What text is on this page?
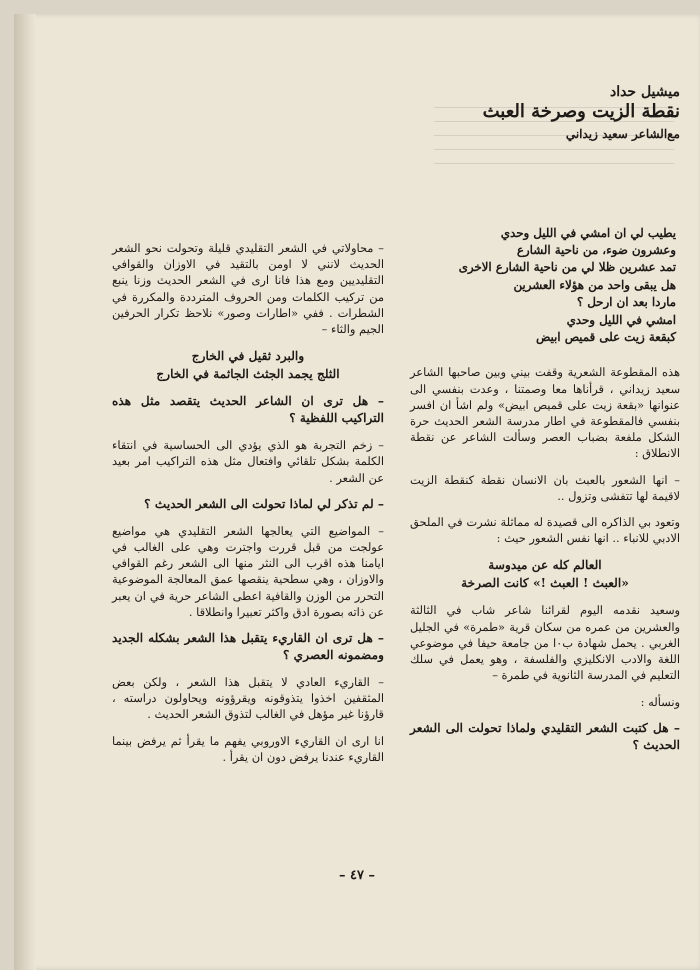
ميشيل حداد
نقطة الزيت وصرخة العبث
مع‌الشاعر سعيد زيداني
يطيب لي ان امشي في الليل وحدي
وعشرون ضوء، من ناحية الشارع
تمد عشرين ظلا لي من ناحية الشارع الاخرى
هل يبقى واحد من هؤلاء العشرين
ماردا بعد ان ارحل ؟
امشي في الليل وحدي
كبقعة زيت على قميص ابيض

هذه المقطوعة الشعرية وقفت بيني وبين صاحبها الشاعر سعيد زيداني ، قرأناها معا وصمتنا ، وعدت بنفسي الى عنوانها «بقعة زيت على قميص ابيض» ولم اشأ ان افسر بنفسي فالمقطوعة في اطار مدرسة الشعر الحديث حرة الشكل ملفعة بضباب العصر وسألت الشاعر عن نقطة الانطلاق :

– انها الشعور بالعبث بان الانسان نقطة كنقطة الزيت لاقيمة لها تتفشى وتزول ..

وتعود بي الذاكره الى قصيدة له مماثلة نشرت في الملحق الادبي للانباء .. انها نفس الشعور حيث :

العالم كله عن ميدوسة
«العبث ! العبث !» كانت الصرخة

وسعيد نقدمه اليوم لقرائنا شاعر شاب في الثالثة والعشرين من عمره من سكان قرية «طمرة» في الجليل الغربي . يحمل شهادة ب٠ا من جامعة حيفا في موضوعي اللغة والادب الانكليزي والفلسفة ، وهو يعمل في سلك التعليم في المدرسة الثانوية في طمرة –

ونسأله :

– هل كتبت الشعر التقليدي ولماذا تحولت الى الشعر الحديث ؟

– محاولاتي في الشعر التقليدي قليلة وتحولت نحو الشعر الحديث لانني لا اومن بالتقيد في الاوزان والقوافي التقليديين ومع هذا فانا ارى في الشعر الحديث وزنا ينبع من تركيب الكلمات ومن الحروف المترددة والمكررة في الشطرات . ففي «اطارات وصور» نلاحظ تكرار الحرفين الجيم والثاء –

والبرد ثقيل في الخارج
الثلج يجمد الجثث الجاثمة في الخارج

– هل ترى ان الشاعر الحديث يتقصد مثل هذه التراكيب اللفظية ؟

– زخم التجربة هو الذي يؤدي الى الحساسية في انتقاء الكلمة بشكل تلقائي وافتعال مثل هذه التراكيب امر بعيد عن الشعر .

– لم تذكر لي لماذا تحولت الى الشعر الحديث ؟

– المواضيع التي يعالجها الشعر التقليدي هي مواضيع عولجت من قبل قررت واجترت وهي على الغالب في ايامنا هذه اقرب الى النثر منها الى الشعر رغم القوافي والاوزان ، وهي سطحية ينقصها عمق المعالجة الموضوعية التحرر من الوزن والقافية اعطى الشاعر حرية في ان يعبر عن ذاته بصورة ادق واكثر تعبيرا وانطلاقا .

– هل ترى ان القاريء يتقبل هذا الشعر بشكله الجديد ومضمونه العصري ؟

– القاريء العادي لا يتقبل هذا الشعر ، ولكن بعض المثقفين اخذوا يتذوقونه ويقرؤونه ويحاولون دراسته ، قارؤنا غير مؤهل في الغالب لتذوق الشعر الحديث .

انا ارى ان القاريء الاوروبي يفهم ما يقرأ ثم يرفض بينما القاريء عندنا يرفض دون ان يقرأ .

– ٤٧ –
